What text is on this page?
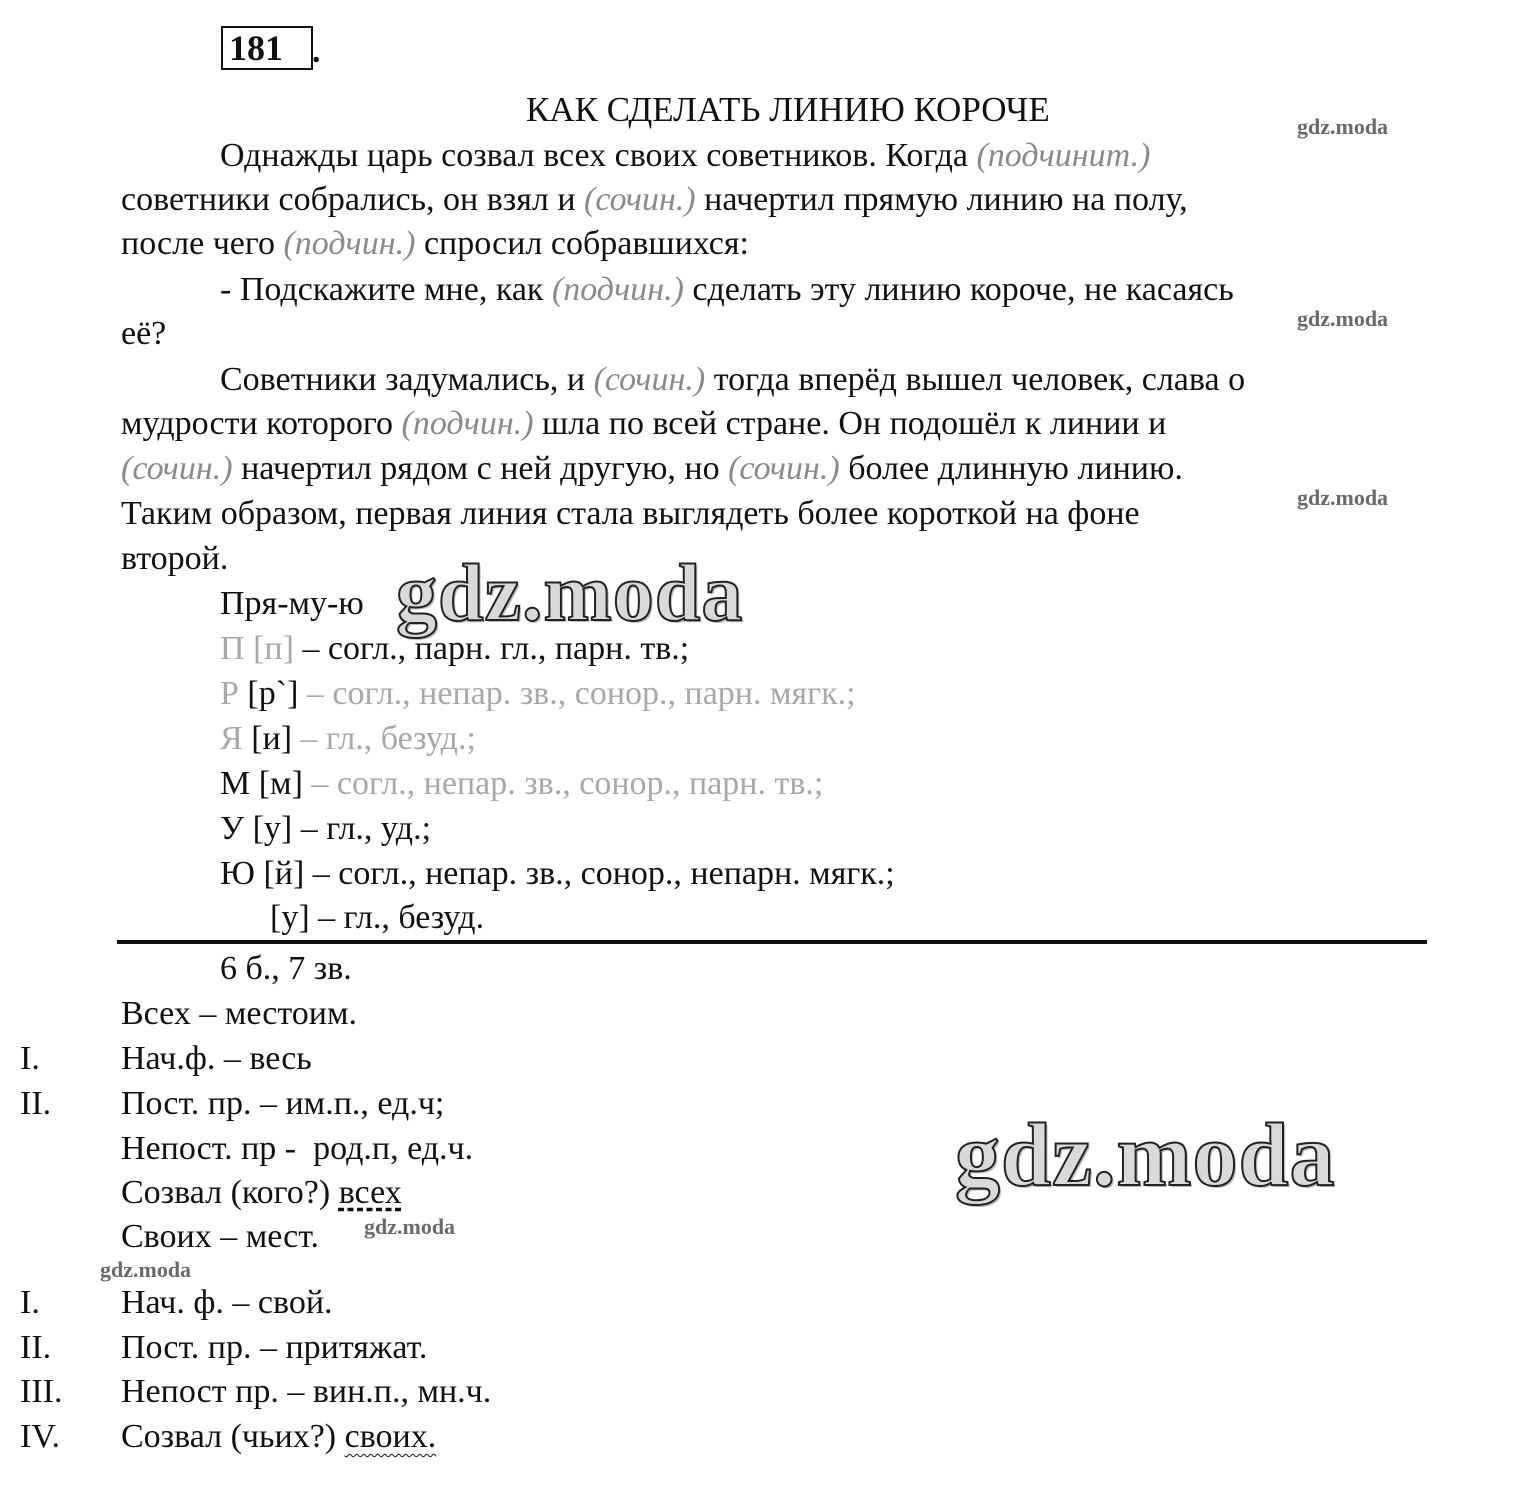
181 .
КАК СДЕЛАТЬ ЛИНИЮ КОРОЧЕ
Однажды царь созвал всех своих советников. Когда (подчинит.)
советники собрались, он взял и (сочин.) начертил прямую линию на полу,
после чего (подчин.) спросил собравшихся:
- Подскажите мне, как (подчин.) сделать эту линию короче, не касаясь
её?
Советники задумались, и (сочин.) тогда вперёд вышел человек, слава о
мудрости которого (подчин.) шла по всей стране. Он подошёл к линии и
(сочин.) начертил рядом с ней другую, но (сочин.) более длинную линию.
Таким образом, первая линия стала выглядеть более короткой на фоне
второй.
Пря-му-ю
П [п] – согл., парн. гл., парн. тв.;
Р [р`] – согл., непар. зв., сонор., парн. мягк.;
Я [и] – гл., безуд.;
М [м] – согл., непар. зв., сонор., парн. тв.;
У [у] – гл., уд.;
Ю [й] – согл., непар. зв., сонор., непарн. мягк.;
[у] – гл., безуд.
6 б., 7 зв.
Всех – местоим.
I. Нач.ф. – весь
II. Пост. пр. – им.п., ед.ч;
Непост. пр -  род.п, ед.ч.
Созвал (кого?) всех
Своих – мест.
I. Нач. ф. – свой.
II. Пост. пр. – притяжат.
III. Непост пр. – вин.п., мн.ч.
IV. Созвал (чьих?) своих.
gdz.moda
gdz.moda
gdz.moda
gdz.moda
gdz.moda
gdz.moda
gdz.moda
